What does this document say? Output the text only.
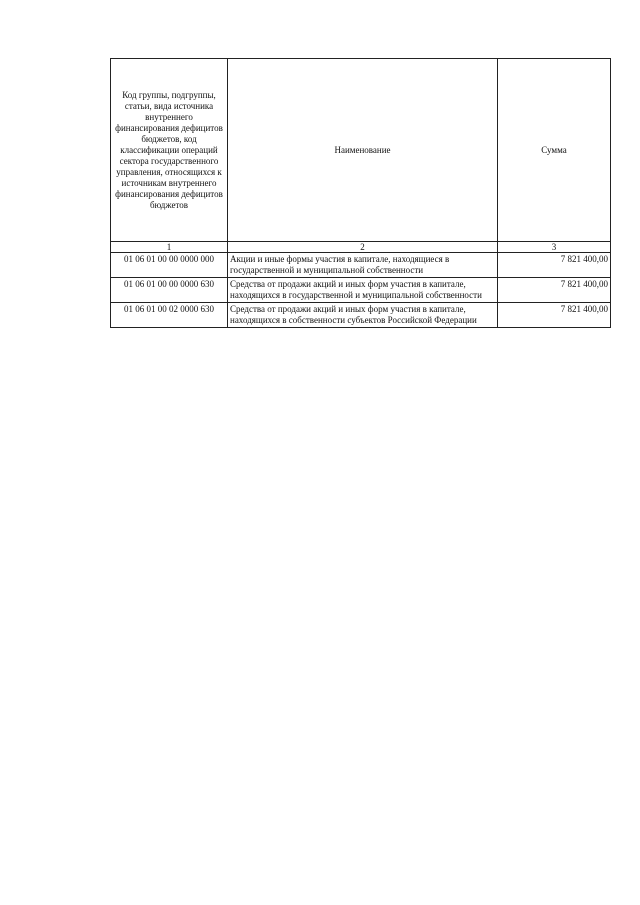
Код группы, подгруппы, статьи, вида источника внутреннего финансирования дефицитов бюджетов, код классификации операций сектора государственного управления, относящихся к источникам внутреннего финансирования дефицитов бюджетов	Наименование	Сумма
1	2	3
01 06 01 00 00 0000 000	Акции и иные формы участия в капитале, находящиеся в государственной и муниципальной собственности	7 821 400,00
01 06 01 00 00 0000 630	Средства от продажи акций и иных форм участия в капитале, находящихся в государственной и муниципальной собственности	7 821 400,00
01 06 01 00 02 0000 630	Средства от продажи акций и иных форм участия в капитале, находящихся в собственности субъектов Российской Федерации	7 821 400,00
